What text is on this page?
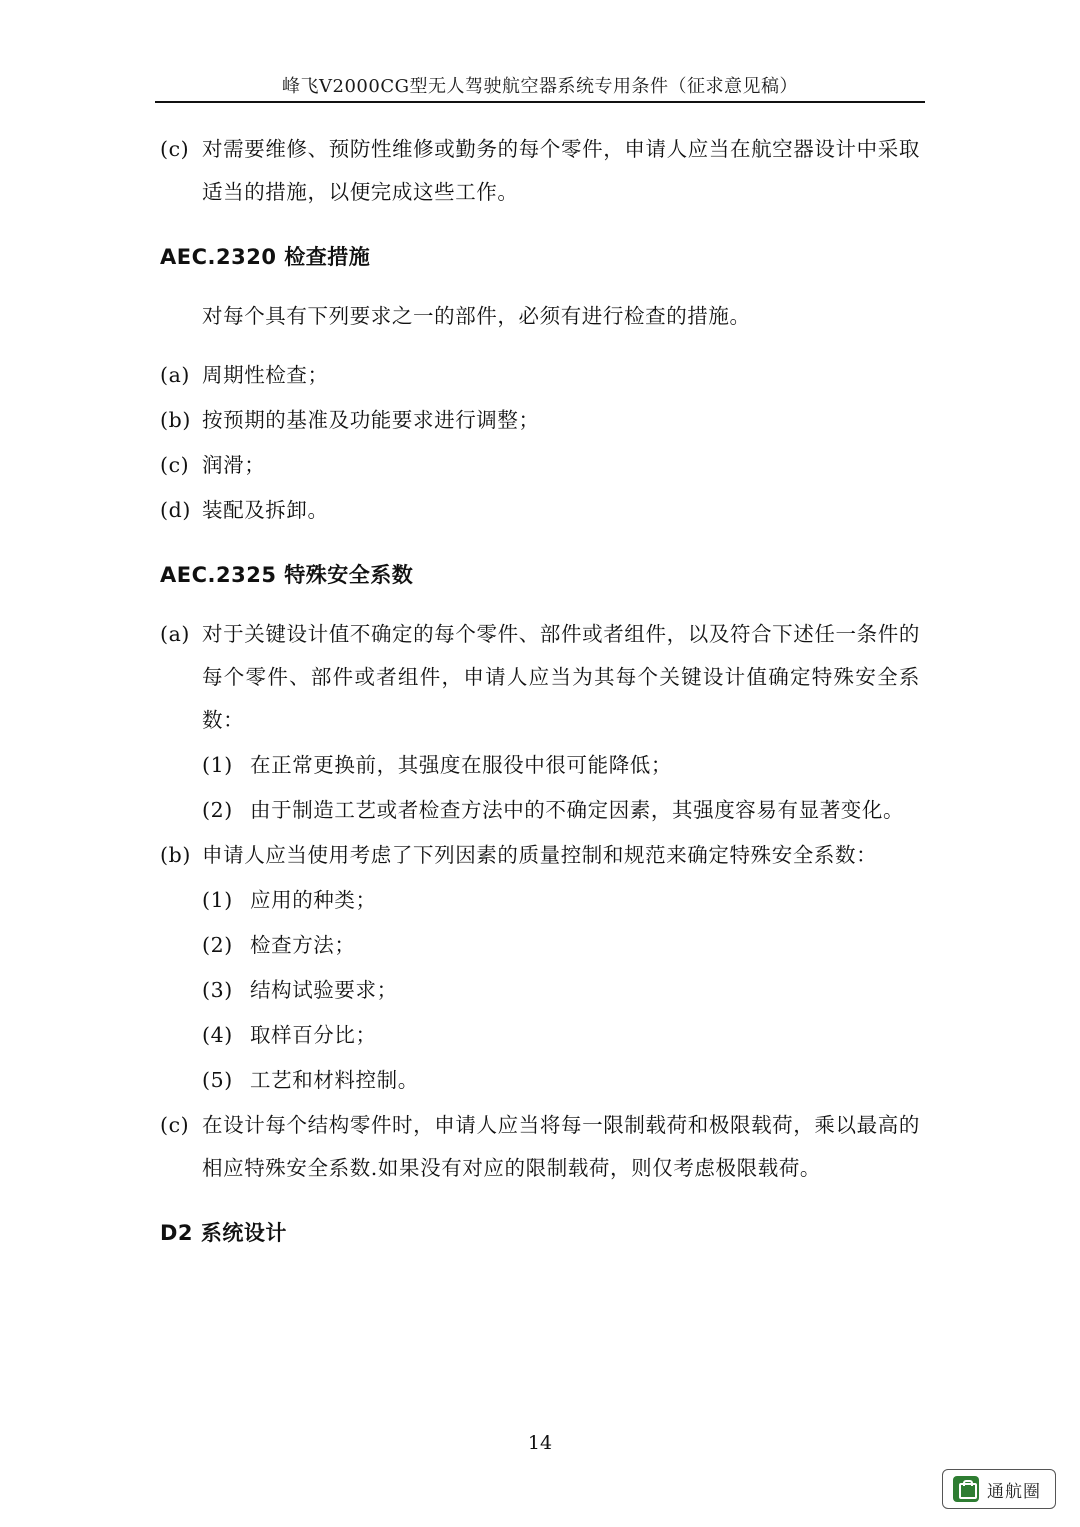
峰飞V2000CG型无人驾驶航空器系统专用条件（征求意见稿）
(c) 对需要维修、预防性维修或勤务的每个零件，申请人应当在航空器设计中采取适当的措施，以便完成这些工作。
AEC.2320 检查措施
对每个具有下列要求之一的部件，必须有进行检查的措施。
(a) 周期性检查；
(b) 按预期的基准及功能要求进行调整；
(c) 润滑；
(d) 装配及拆卸。
AEC.2325 特殊安全系数
(a) 对于关键设计值不确定的每个零件、部件或者组件，以及符合下述任一条件的每个零件、部件或者组件，申请人应当为其每个关键设计值确定特殊安全系数：
(1) 在正常更换前，其强度在服役中很可能降低；
(2) 由于制造工艺或者检查方法中的不确定因素，其强度容易有显著变化。
(b) 申请人应当使用考虑了下列因素的质量控制和规范来确定特殊安全系数：
(1) 应用的种类；
(2) 检查方法；
(3) 结构试验要求；
(4) 取样百分比；
(5) 工艺和材料控制。
(c) 在设计每个结构零件时，申请人应当将每一限制载荷和极限载荷，乘以最高的相应特殊安全系数.如果没有对应的限制载荷，则仅考虑极限载荷。
D2 系统设计
14
通航圈
